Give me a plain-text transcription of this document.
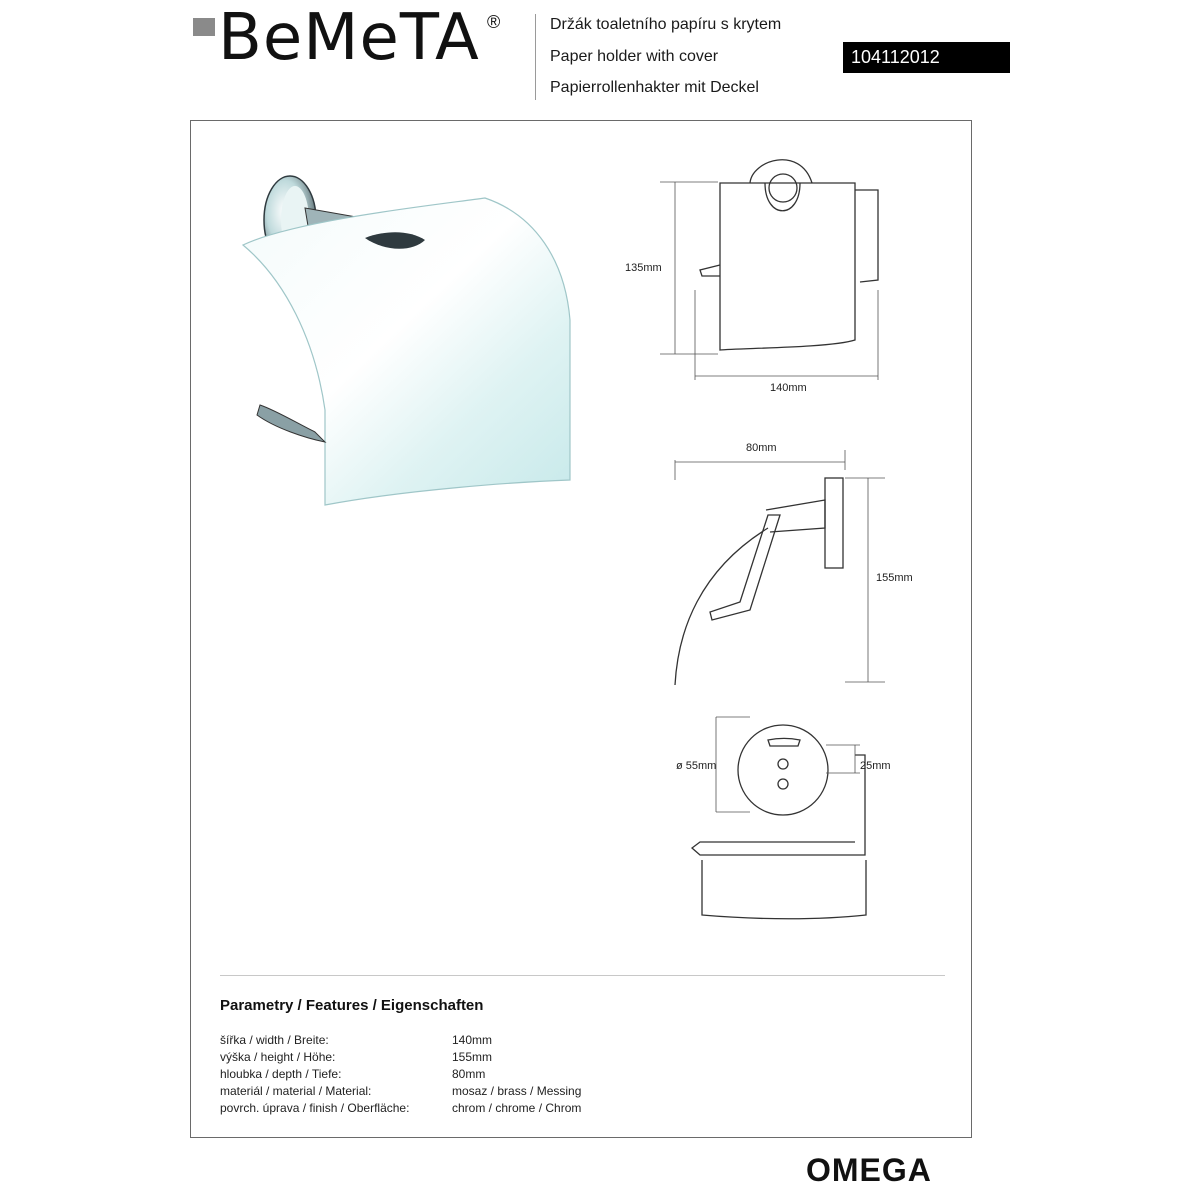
BeMeTA ®	Držák toaletního papíru s krytem
Paper holder with cover
Papierrollenhakter mit Deckel
104112012
135mm
140mm
80mm
155mm
ø 55mm	25mm
Parametry / Features / Eigenschaften
šířka / width / Breite:	140mm
výška / height / Höhe:	155mm
hloubka / depth / Tiefe:	80mm
materiál / material / Material:	mosaz / brass / Messing
povrch. úprava / finish / Oberfläche:	chrom / chrome / Chrom
OMEGA
